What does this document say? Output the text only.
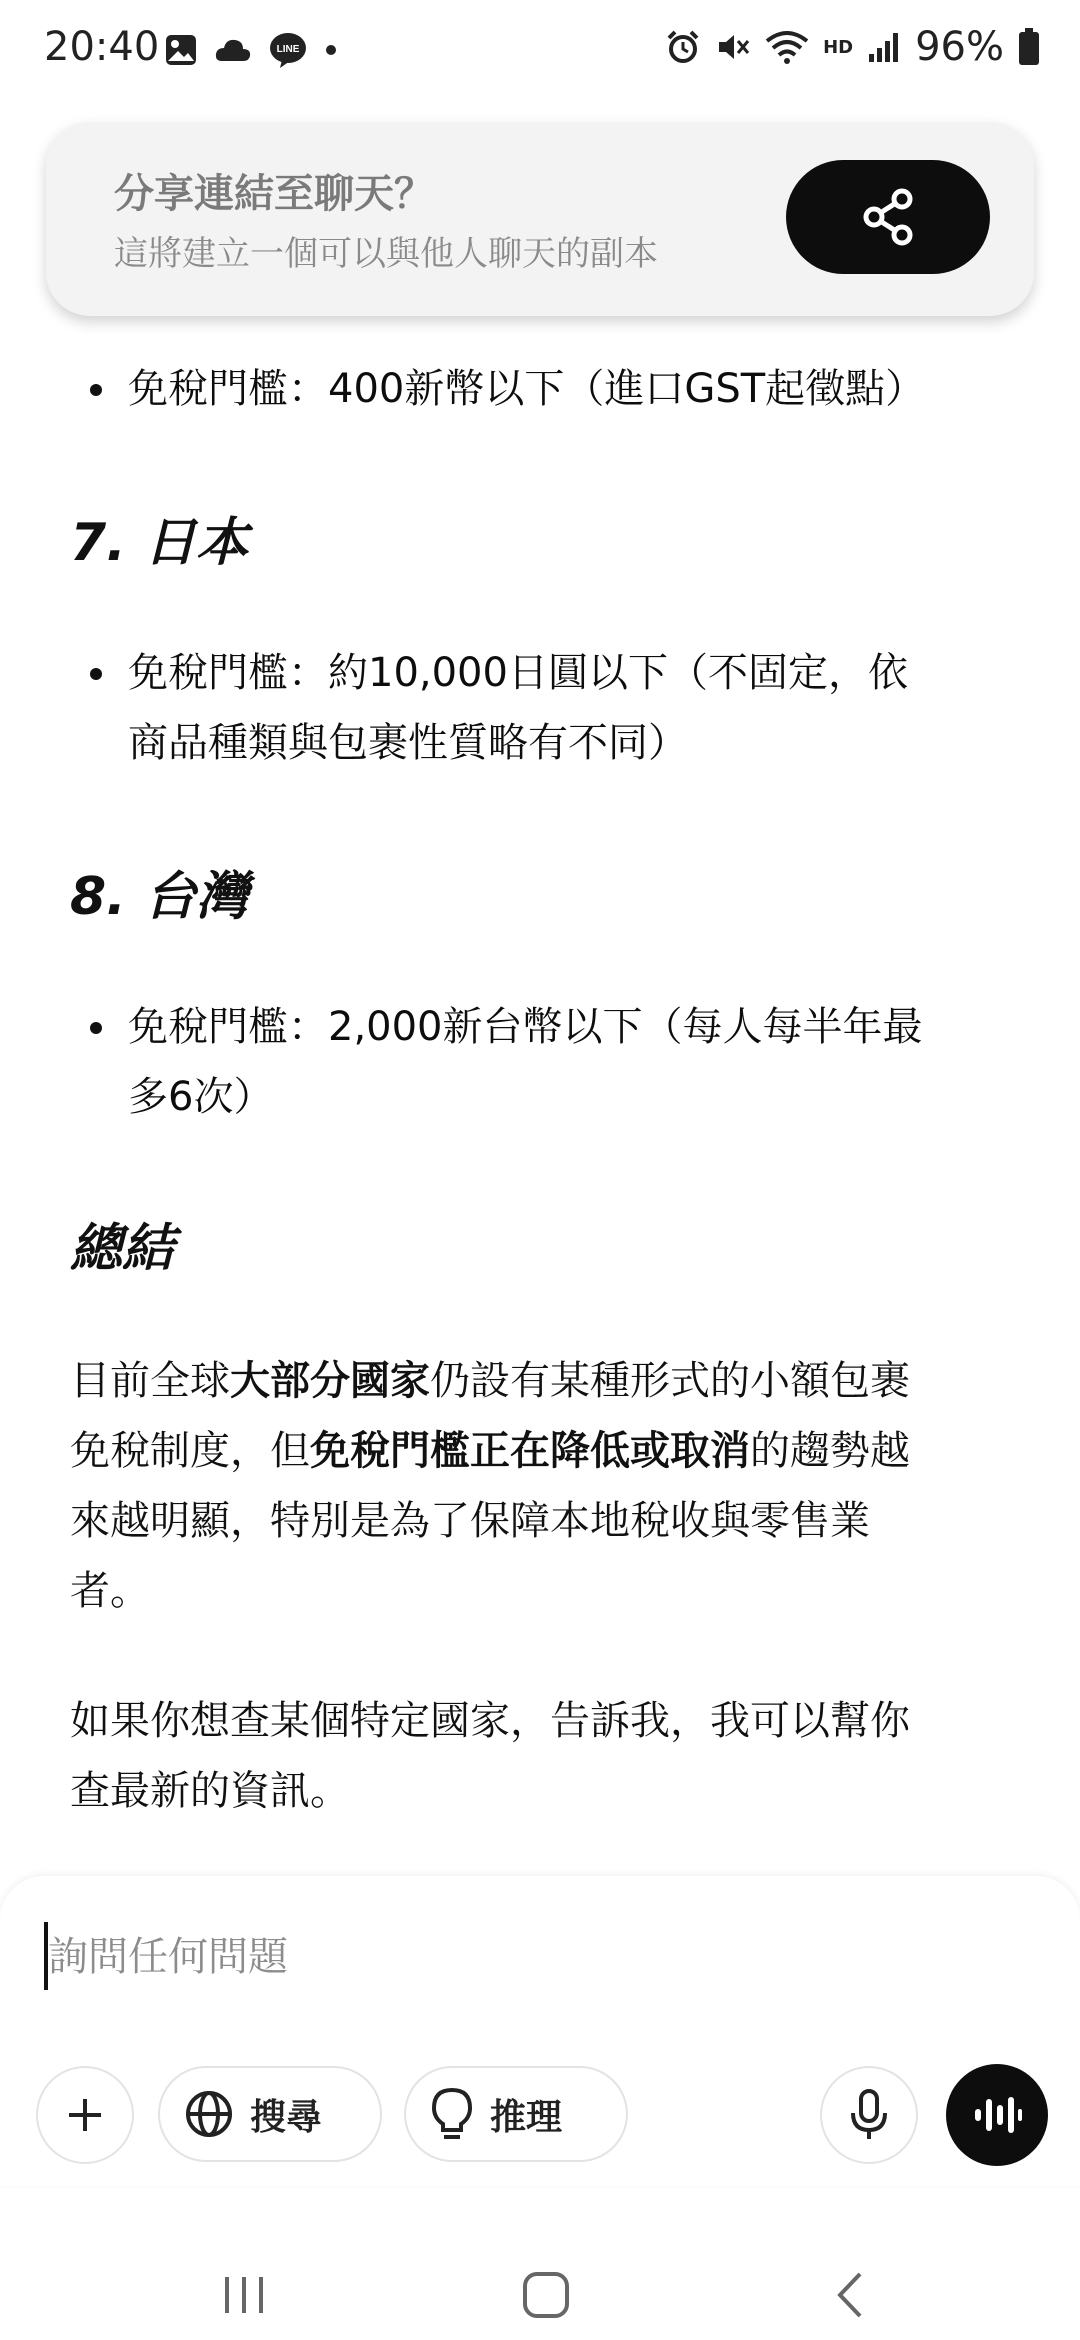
20:40	LINE	HD 96%
免稅門檻：400新幣以下（進口GST起徵點）
7. 日本
免稅門檻：約10,000日圓以下（不固定，依
商品種類與包裹性質略有不同）
8. 台灣
免稅門檻：2,000新台幣以下（每人每半年最
多6次）
總結
目前全球大部分國家仍設有某種形式的小額包裹
免稅制度，但免稅門檻正在降低或取消的趨勢越
來越明顯，特別是為了保障本地稅收與零售業
者。
如果你想查某個特定國家，告訴我，我可以幫你
查最新的資訊。
分享連結至聊天？
這將建立一個可以與他人聊天的副本
詢問任何問題
搜尋	推理
